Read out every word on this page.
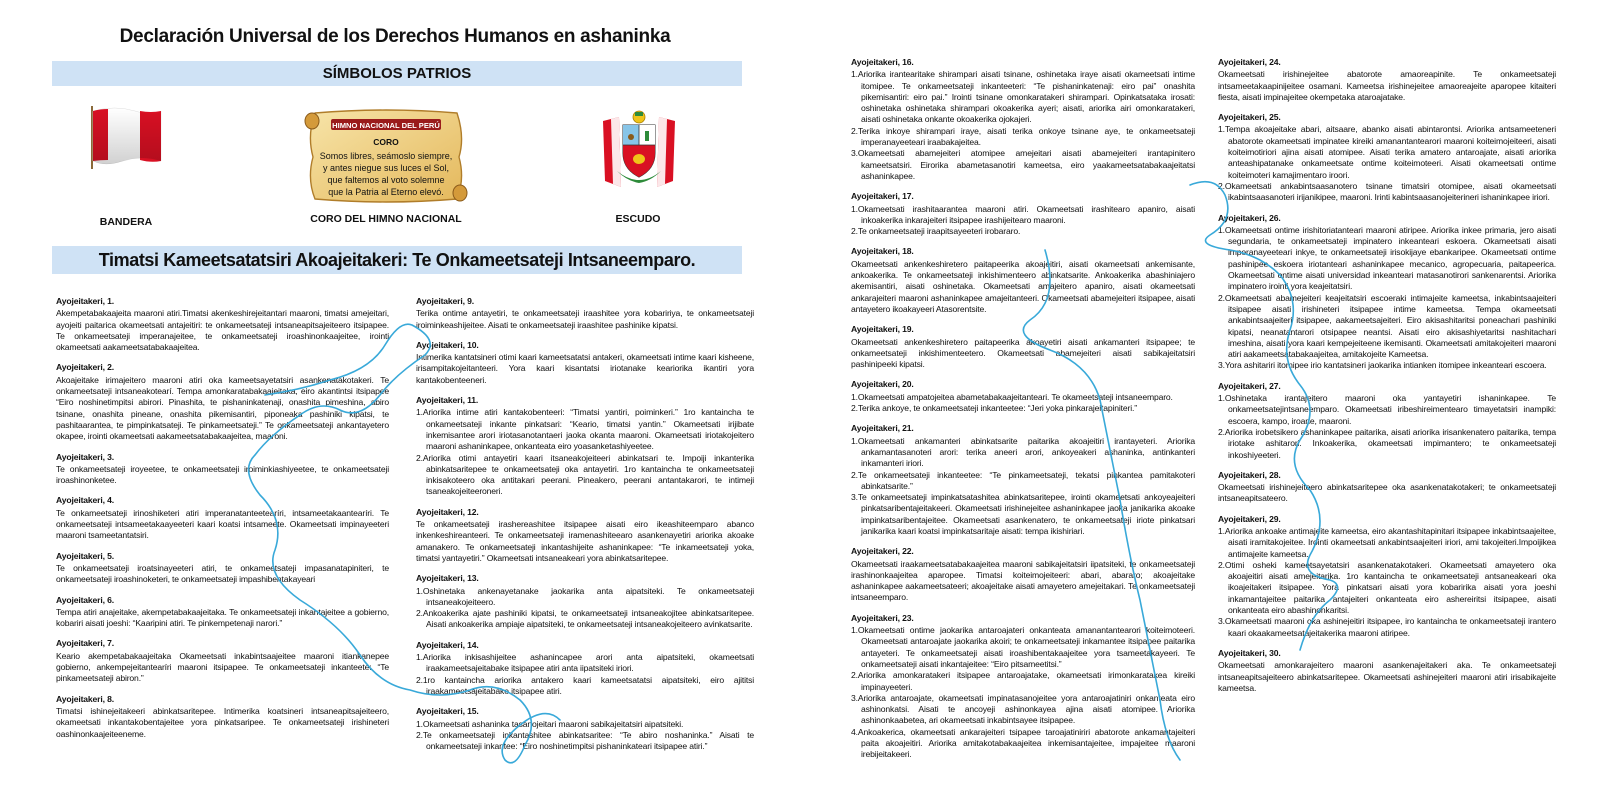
Declaración Universal de los Derechos Humanos en ashaninka
SÍMBOLOS PATRIOS
BANDERA
HIMNO NACIONAL DEL PERÚ
CORO
Somos libres, seámoslo siempre,
y antes niegue sus luces el Sol,
que faltemos al voto solemne
que la Patria al Eterno elevó.
CORO DEL HIMNO NACIONAL	ESCUDO
Timatsi Kameetsatatsiri Akoajeitakeri: Te Onkameetsateji Intsaneemparo.
Ayojeitakeri, 1.

Akempetabakaajeita maaroni atiri.Timatsi akenkeshirejeitantari maaroni, timatsi amejeitari, ayojeiti paitarica okameetsati antajeitiri: te onkameetsateji intsaneapitsajeiteero itsipapee. Te onkameetsateji imperanajeitee, te onkameetsateji iroashinonkaajeitee, irointi okameetsati aakameetsatabakaajeitea.

Ayojeitakeri, 2.

Akoajeitake irimajeitero maaroni atiri oka kameetsayetatsiri asankenatakotakeri. Te onkameetsateji intsaneakotearí. Tempa amonkaratabakaajeitaka, eiro akantintsi itsipapee “Eiro noshinetimpitsi abirori. Pinashita, te pishaninkatenaji, onashita pimeshina, abiro tsinane, onashita pineane, onashita pikemisantiri, piponeaka pashiniki kipatsi, te pashitaarantea, te pimpinkatsateji. Te pinkameetsateji.” Te onkameetsateji ankantayetero okapee, irointi okameetsati aakameetsatabakaajeitea, maaroni.

Ayojeitakeri, 3.

Te onkameetsateji iroyeetee, te onkameetsateji iroiminkiashiyeetee, te onkameetsateji iroashinonketee.

Ayojeitakeri, 4.

Te onkameetsateji irinoshiketeri atiri imperanatanteetearíri, intsameetakaantearíri. Te onkameetsateji intsameetakaayeeteri kaari koatsi intsameete. Okameetsati impinayeeteri maaroni tsameetantatsiri.

Ayojeitakeri, 5.

Te onkameetsateji iroatsinayeeteri atiri, te onkameetsateji impasanatapiniteri, te onkameetsateji iroashinoketeri, te onkameetsateji impashibentakayeari

Ayojeitakeri, 6.

Tempa atiri anajeitake, akempetabakaajeitaka. Te onkameetsateji inkantajeitee a gobierno, kobariri aisati joeshi: “Kaaripini atiri. Te pinkempetenaji narori.”

Ayojeitakeri, 7.

Keario akempetabakaajeitaka Okameetsati inkabintsaajeitee maaroni itiankanepee gobierno, ankempejeitantearíri maaroni itsipapee. Te onkameetsateji inkanteete: “Te pinkameetsateji abiron.”

Ayojeitakeri, 8.

Timatsi ishinejeitakeeri abinkatsaritepee. Intimerika koatsineri intsaneapitsajeiteero, okameetsati inkantakobentajeitee yora pinkatsaripee. Te onkameetsateji irishineteri oashinonkaajeiteeneme.

Ayojeitakeri, 9.

Terika ontime antayetiri, te onkameetsateji iraashitee yora kobaririya, te onkameetsateji iroiminkeashijeitee. Aisati te onkameetsateji iraashitee pashinike kipatsi.

Ayojeitakeri, 10.

Intimerika kantatsineri otimi kaari kameetsatatsi antakeri, okameetsati intime kaari kisheene, irisampitakojeitanteeri. Yora kaari kisantatsi iriotanake keariorika ikantiri yora kantakobenteeneri.

Ayojeitakeri, 11.

1.Ariorika intime atiri kantakobenteeri: “Timatsi yantiri, poiminkeri.” 1ro kantaincha te onkameetsateji inkante pinkatsari: “Keario, timatsi yantin.” Okameetsati irijibate inkemisantee arori iriotasanotantaeri jaoka okanta maaroni. Okameetsati iriotakojeitero maaroni ashaninkapee, onkanteata eiro yoasanketashiyeetee.

2.Ariorika otimi antayetiri kaari itsaneakojeiteeri abinkatsari te. Impoiji inkanterika abinkatsaritepee te onkameetsateji oka antayetiri. 1ro kantaincha te onkameetsateji inkisakoteero oka antitakari peerani. Pineakero, peerani antantakarori, te intimeji tsaneakojeiteeroneri.

Ayojeitakeri, 12.

Te onkameetsateji irashereashitee itsipapee aisati eiro ikeashiteemparo abanco inkenkeshireanteeri. Te onkameetsateji iramenashiteearo asankenayetiri ariorika akoake amanakero. Te onkameetsateji inkantashijeite ashaninkapee: “Te inkameetsateji yoka, timatsi yantayetiri.” Okameetsati intsaneakeari yora abinkatsaritepee.

Ayojeitakeri, 13.

1.Oshinetaka ankenayetanake jaokarika anta aipatsiteki. Te onkameetsateji intsaneakojeiteero.

2.Ankoakerika ajate pashiniki kipatsi, te onkameetsateji intsaneakojitee abinkatsaritepee. Aisati ankoakerika ampiaje aipatsiteki, te onkameetsateji intsaneakojeiteero avinkatsarite.

Ayojeitakeri, 14.

1.Ariorika inkisashijeitee ashanincapee arori anta aipatsiteki, okameetsati iraakameetsajeitabake itsipapee atiri anta iipatsiteki iriori.

2.1ro kantaincha ariorika antakero kaari kameetsatatsi aipatsiteki, eiro ajititsi iraakameetsajeitabake itsipapee atiri.

Ayojeitakeri, 15.

1.Okameetsati ashaninka tasanojeitari maaroni sabikajeitatsiri aipatsiteki.

2.Te onkameetsateji inkantashitee abinkatsaritee: “Te abiro noshaninka.” Aisati te onkameetsateji inkantee: “Eiro noshinetimpitsi pishaninkateari itsipapee atiri.”

Ayojeitakeri, 16.

1.Ariorika irantearitake shirampari aisati tsinane, oshinetaka iraye aisati okameetsati intime itomipee. Te onkameetsateji inkanteeteri: “Te pishaninkatenaji: eiro pai” onashita pikemisantiri: eiro pai.” Irointi tsinane omonkaratakeri shirampari. Opinkatsataka irosati: oshinetaka oshinetaka shirampari okoakerika ayeri; aisati, ariorika airi omonkaratakeri, aisati oshinetaka onkante okoakerika ojokajeri.

2.Terika inkoye shirampari iraye, aisati terika onkoye tsinane aye, te onkameetsateji imperanayeeteari iraabakajeitea.

3.Okameetsati abamejeiteri atomipee amejeitari aisati abamejeiteri irantapinitero kameetsatsiri. Eirorika abametasanotiri kameetsa, eiro yaakameetsatabakaajeitatsi ashaninkapee.

Ayojeitakeri, 17.

1.Okameetsati irashitaarantea maaroni atiri. Okameetsati irashitearo apaniro, aisati inkoakerika inkarajeiteri itsipapee irashijeitearo maaroni.

2.Te onkameetsateji iraapitsayeeteri irobararo.

Ayojeitakeri, 18.

Okameetsati ankenkeshiretero paitapeerika akoajeitiri, aisati okameetsati ankemisante, ankoakerika. Te onkameetsateji inkishimenteero abinkatsarite. Ankoakerika abashiniajero akemisantiri, aisati oshinetaka. Okameetsati amajeitero apaniro, aisati okameetsati ankarajeiteri maaroni ashaninkapee amajeitanteeri. Okameetsati abamejeiteri itsipapee, aisati antayetero ikoakayeeri Atasorentsite.

Ayojeitakeri, 19.

Okameetsati ankenkeshiretero paitapeerika akoayetiri aisati ankamanteri itsipapee; te onkameetsateji inkishimenteetero. Okameetsati abamejeiteri aisati sabikajeitatsiri pashinipeeki kipatsi.

Ayojeitakeri, 20.

1.Okameetsati ampatojeitea abametabakaajeitanteari. Te okameetsateji intsaneemparo.

2.Terika ankoye, te onkameetsateji inkanteetee: “Jeri yoka pinkarajeitapiniteri.”

Ayojeitakeri, 21.

1.Okameetsati ankamanteri abinkatsarite paitarika akoajeitiri irantayeteri. Ariorika ankamantasanoteri arori: terika aneeri arori, ankoyeakeri ashaninka, antinkanteri inkamanteri iriori.

2.Te onkameetsateji inkanteetee: “Te pinkameetsateji, tekatsi pinkantea pamitakoteri abinkatsarite.”

3.Te onkameetsateji impinkatsatashitea abinkatsaritepee, irointi okameetsati ankoyeajeiteri pinkatsaribentajeitakeeri. Okameetsati irishinejeitee ashaninkapee jaoka janikarika akoake impinkatsaribentajeitee. Okameetsati asankenatero, te onkameetsateji iriote pinkatsari janikarika kaari koatsi impinkatsaritaje aisati: tempa ikishiriari.

Ayojeitakeri, 22.

Okameetsati iraakameetsatabakaajeitea maaroni sabikajeitatsiri iipatsiteki, te onkameetsateji irashinonkaajeitea aparopee. Timatsi koiteimojeiteeri: abari, abararo; akoajeitake ashaninkapee aakameetsateeri; akoajeitake aisati amayetero amejeitakari. Te onkameetsateji intsaneemparo.

Ayojeitakeri, 23.

1.Okameetsati ontime jaokarika antaroajateri onkanteata amanantantearori koiteimoteeri. Okameetsati antaroajate jaokarika akoiri; te onkameetsateji inkamantee itsipapee paitarika antayeteri. Te onkameetsateji aisati iroashibentakaajeitee yora tsameetakayeeri. Te onkameetsateji aisati inkantajeitee: “Eiro pitsameetitsi.”

2.Ariorika amonkaratakeri itsipapee antaroajatake, okameetsati irimonkaratakea kireiki impinayeeteri.

3.Ariorika antaroajate, okameetsati impinatasanojeitee yora antaroajatiniri onkanteata eiro ashinonkatsi. Aisati te ancoyeji ashinonkayea ajina aisati atomipee. Ariorika ashinonkaabetea, ari okameetsati inkabintsayee itsipapee.

4.Ankoakerica, okameetsati ankarajeiteri tsipapee taroajatiniriri abatorote ankamantajeiteri paita akoajeitiri. Ariorika amitakotabakaajeitea inkemisantajeitee, impajeitee maaroni irebijeitakeeri.

Ayojeitakeri, 24.

Okameetsati irishinejeitee abatorote amaoreapinite. Te onkameetsateji intsameetakaapinijeitee osamani. Kameetsa irishinejeitee amaoreajeite aparopee kitaiteri fiesta, aisati impinajeitee okempetaka ataroajatake.

Ayojeitakeri, 25.

1.Tempa akoajeitake abari, aitsaare, abanko aisati abintarontsi. Ariorika antsameeteneri abatorote okameetsati impinatee kireiki amanantantearori maaroni koiteimojeiteeri, aisati koiteimotiriori ajina aisati atomipee. Aisati terika amatero antaroajate, aisati ariorika anteashipatanake onkameetsate ontime koiteimoteeri. Aisati okameetsati ontime koiteimoteri kamajimentaro iroori.

2.Okameetsati ankabintsaasanotero tsinane timatsiri otomipee, aisati okameetsati ikabintsaasanoteri irijanikipee, maaroni. Irinti kabintsaasanojeiterineri ishaninkapee iriori.

Ayojeitakeri, 26.

1.Okameetsati ontime irishitoriatanteari maaroni atiripee. Ariorika inkee primaria, jero aisati segundaria, te onkameetsateji impinatero inkeanteari eskoera. Okameetsati aisati imperanayeeteari inkye, te onkameetsateji irisokijaye ebankaripee. Okameetsati ontime pashinipee eskoera iriotanteari ashaninkapee mecanico, agropecuaria, paitapeerica. Okameetsati ontime aisati universidad inkeanteari matasanotirori sankenarentsi. Ariorika impinatero irointi yora keajeitatsiri.

2.Okameetsati abamejeiteri keajeitatsiri escoeraki intimajeite kameetsa, inkabintsaajeiteri itsipapee aisati irishineteri itsipapee intime kameetsa. Tempa okameetsati ankabintsaajeiteri itsipapee, aakameetsajeiteri. Eiro akisashitaritsi poneachari pashiniki kipatsi, neanatantarori otsipapee neantsi. Aisati eiro akisashiyetaritsi nashitachari imeshina, aisati yora kaari kempejeiteene ikemisanti. Okameetsati amitakojeiteri maaroni atiri aakameetsatabakaajeitea, amitakojeite Kameetsa.

3.Yora ashitariri itomipee irio kantatsineri jaokarika intianken itomipee inkeanteari escoera.

Ayojeitakeri, 27.

1.Oshinetaka irantajeitero maaroni oka yantayetiri ishaninkapee. Te onkameetsatejintsaneemparo. Okameetsati iribeshireimentearo timayetatsiri inampiki: escoera, kampo, iroane, maaroni.

2.Ariorika irobetsikero ashaninkapee paitarika, aisati ariorika irisankenatero paitarika, tempa iriotake ashitarori. Inkoakerika, okameetsati impimantero; te onkameetsateji inkoshiyeeteri.

Ayojeitakeri, 28.

Okameetsati irishinejeiteero abinkatsaritepee oka asankenatakotakeri; te onkameetsateji intsaneapitsateero.

Ayojeitakeri, 29.

1.Ariorika ankoake antimajeite kameetsa, eiro akantashitapinitari itsipapee inkabintsaajeitee, aisati iramitakojeitee. Irointi okameetsati ankabintsaajeiteri iriori, ami takojeiteri.Impoijikea antimajeite kameetsa.

2.Otimi osheki kameetsayetatsiri asankenatakotakeri. Okameetsati amayetero oka akoajeitiri aisati amejeitarika. 1ro kantaincha te onkameetsateji antsaneakeari oka ikoajeitakeri itsipapee. Yora pinkatsari aisati yora kobaririka aisati yora joeshi inkamantajeitee paitarika antajeiteri onkanteata eiro ashereiritsi itsipapee, aisati onkanteata eiro abashinonkaritsi.

3.Okameetsati maaroni oka ashinejeitiri itsipapee, iro kantaincha te onkameetsateji irantero kaari okaakameetsatajeitakerika maaroni atiripee.

Ayojeitakeri, 30.

Okameetsati amonkarajeitero maaroni asankenajeitakeri aka. Te onkameetsateji intsaneapitsajeiteero abinkatsaritepee. Okameetsati ashinejeiteri maaroni atiri irisabikajeite kameetsa.
